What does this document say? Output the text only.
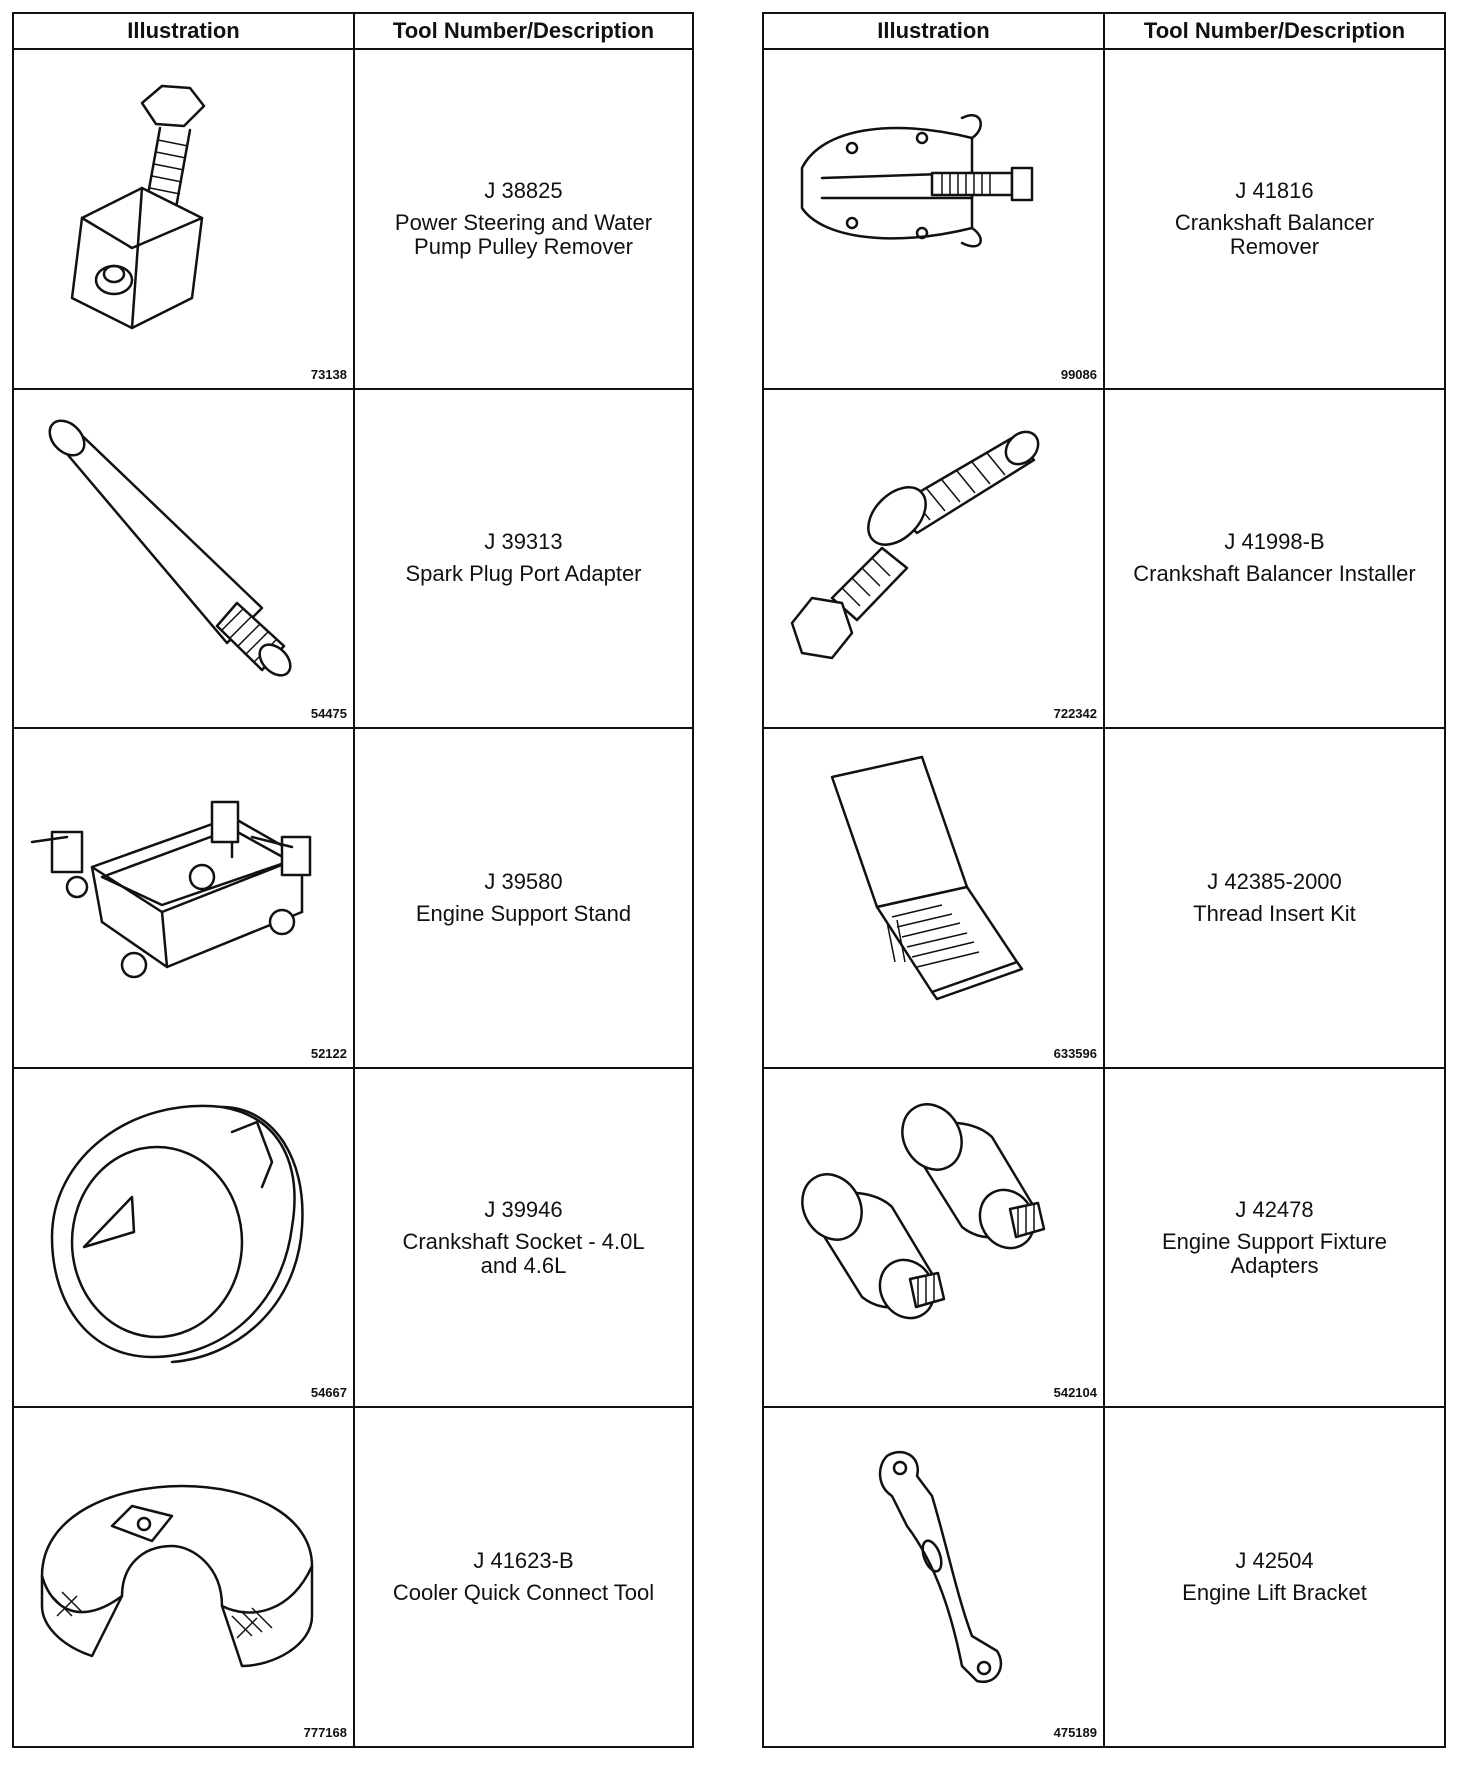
Illustration	Tool Number/Description
73138
J 38825
Power Steering and Water
Pump Pulley Remover
54475
J 39313
Spark Plug Port Adapter
52122
J 39580
Engine Support Stand
54667
J 39946
Crankshaft Socket - 4.0L
and 4.6L
777168
J 41623-B
Cooler Quick Connect Tool
Illustration	Tool Number/Description
99086
J 41816
Crankshaft Balancer
Remover
722342
J 41998-B
Crankshaft Balancer Installer
633596
J 42385-2000
Thread Insert Kit
542104
J 42478
Engine Support Fixture
Adapters
475189
J 42504
Engine Lift Bracket
